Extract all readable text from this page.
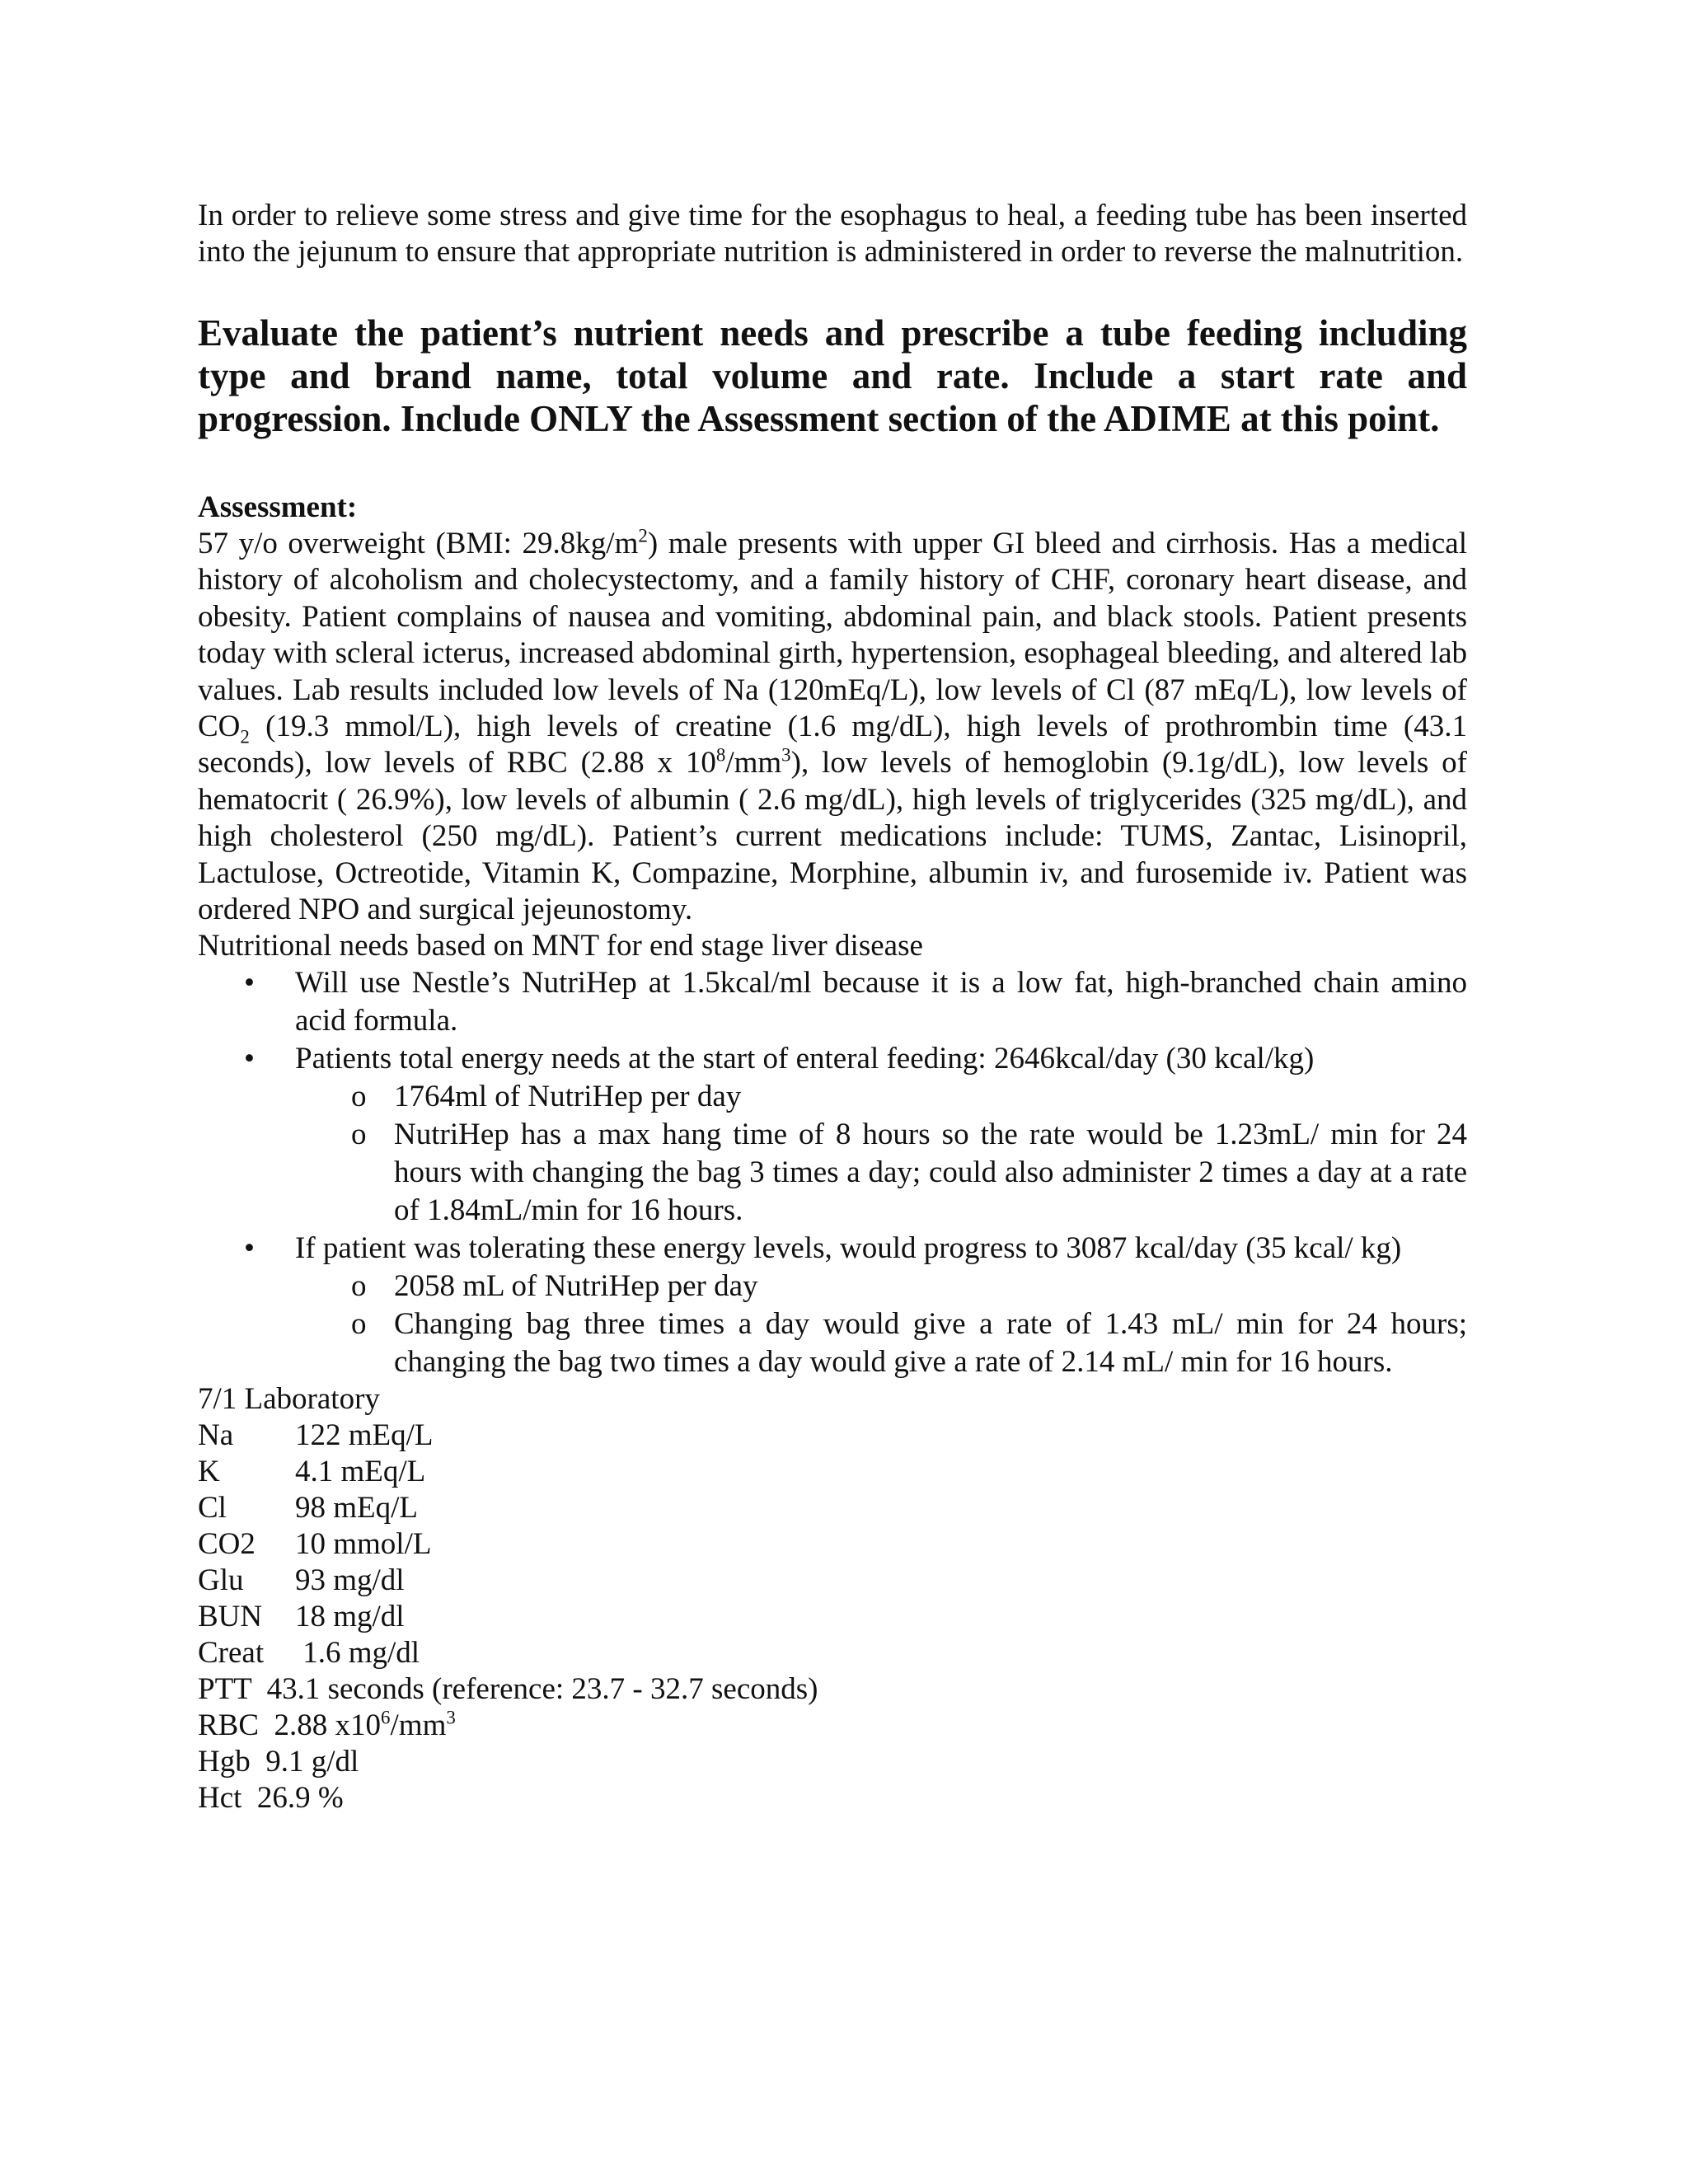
In order to relieve some stress and give time for the esophagus to heal, a feeding tube has been inserted into the jejunum to ensure that appropriate nutrition is administered in order to reverse the malnutrition.

Evaluate the patient’s nutrient needs and prescribe a tube feeding including type and brand name, total volume and rate. Include a start rate and progression. Include ONLY the Assessment section of the ADIME at this point.

Assessment:

57 y/o overweight (BMI: $29.8kg/m^2$) male presents with upper GI bleed and cirrhosis. Has a medical history of alcoholism and cholecystectomy, and a family history of CHF, coronary heart disease, and obesity. Patient complains of nausea and vomiting, abdominal pain, and black stools. Patient presents today with scleral icterus, increased abdominal girth, hypertension, esophageal bleeding, and altered lab values. Lab results included low levels of Na (120mEq/L), low levels of Cl (87 mEq/L), low levels of $CO_2$ (19.3 mmol/L), high levels of creatine (1.6 mg/dL), high levels of prothrombin time (43.1 seconds), low levels of RBC (2.88 x $10^8/mm^3$), low levels of hemoglobin (9.1g/dL), low levels of hematocrit ( 26.9%), low levels of albumin ( 2.6 mg/dL), high levels of triglycerides (325 mg/dL), and high cholesterol (250 mg/dL). Patient’s current medications include: TUMS, Zantac, Lisinopril, Lactulose, Octreotide, Vitamin K, Compazine, Morphine, albumin iv, and furosemide iv. Patient was ordered NPO and surgical jejeunostomy.

Nutritional needs based on MNT for end stage liver disease

• Will use Nestle’s NutriHep at 1.5kcal/ml because it is a low fat, high-branched chain amino acid formula.
• Patients total energy needs at the start of enteral feeding: 2646kcal/day (30 kcal/kg)
o 1764ml of NutriHep per day
o NutriHep has a max hang time of 8 hours so the rate would be 1.23mL/ min for 24 hours with changing the bag 3 times a day; could also administer 2 times a day at a rate of 1.84mL/min for 16 hours.
• If patient was tolerating these energy levels, would progress to 3087 kcal/day (35 kcal/ kg)
o 2058 mL of NutriHep per day
o Changing bag three times a day would give a rate of 1.43 mL/ min for 24 hours; changing the bag two times a day would give a rate of 2.14 mL/ min for 16 hours.

7/1 Laboratory

Na 122 mEq/L
K 4.1 mEq/L
Cl 98 mEq/L
CO2 10 mmol/L
Glu 93 mg/dl
BUN 18 mg/dl
Creat 1.6 mg/dl
PTT  43.1 seconds (reference: 23.7 - 32.7 seconds)
RBC  2.88 $x10^6/mm^3$
Hgb  9.1 g/dl
Hct  26.9 %
